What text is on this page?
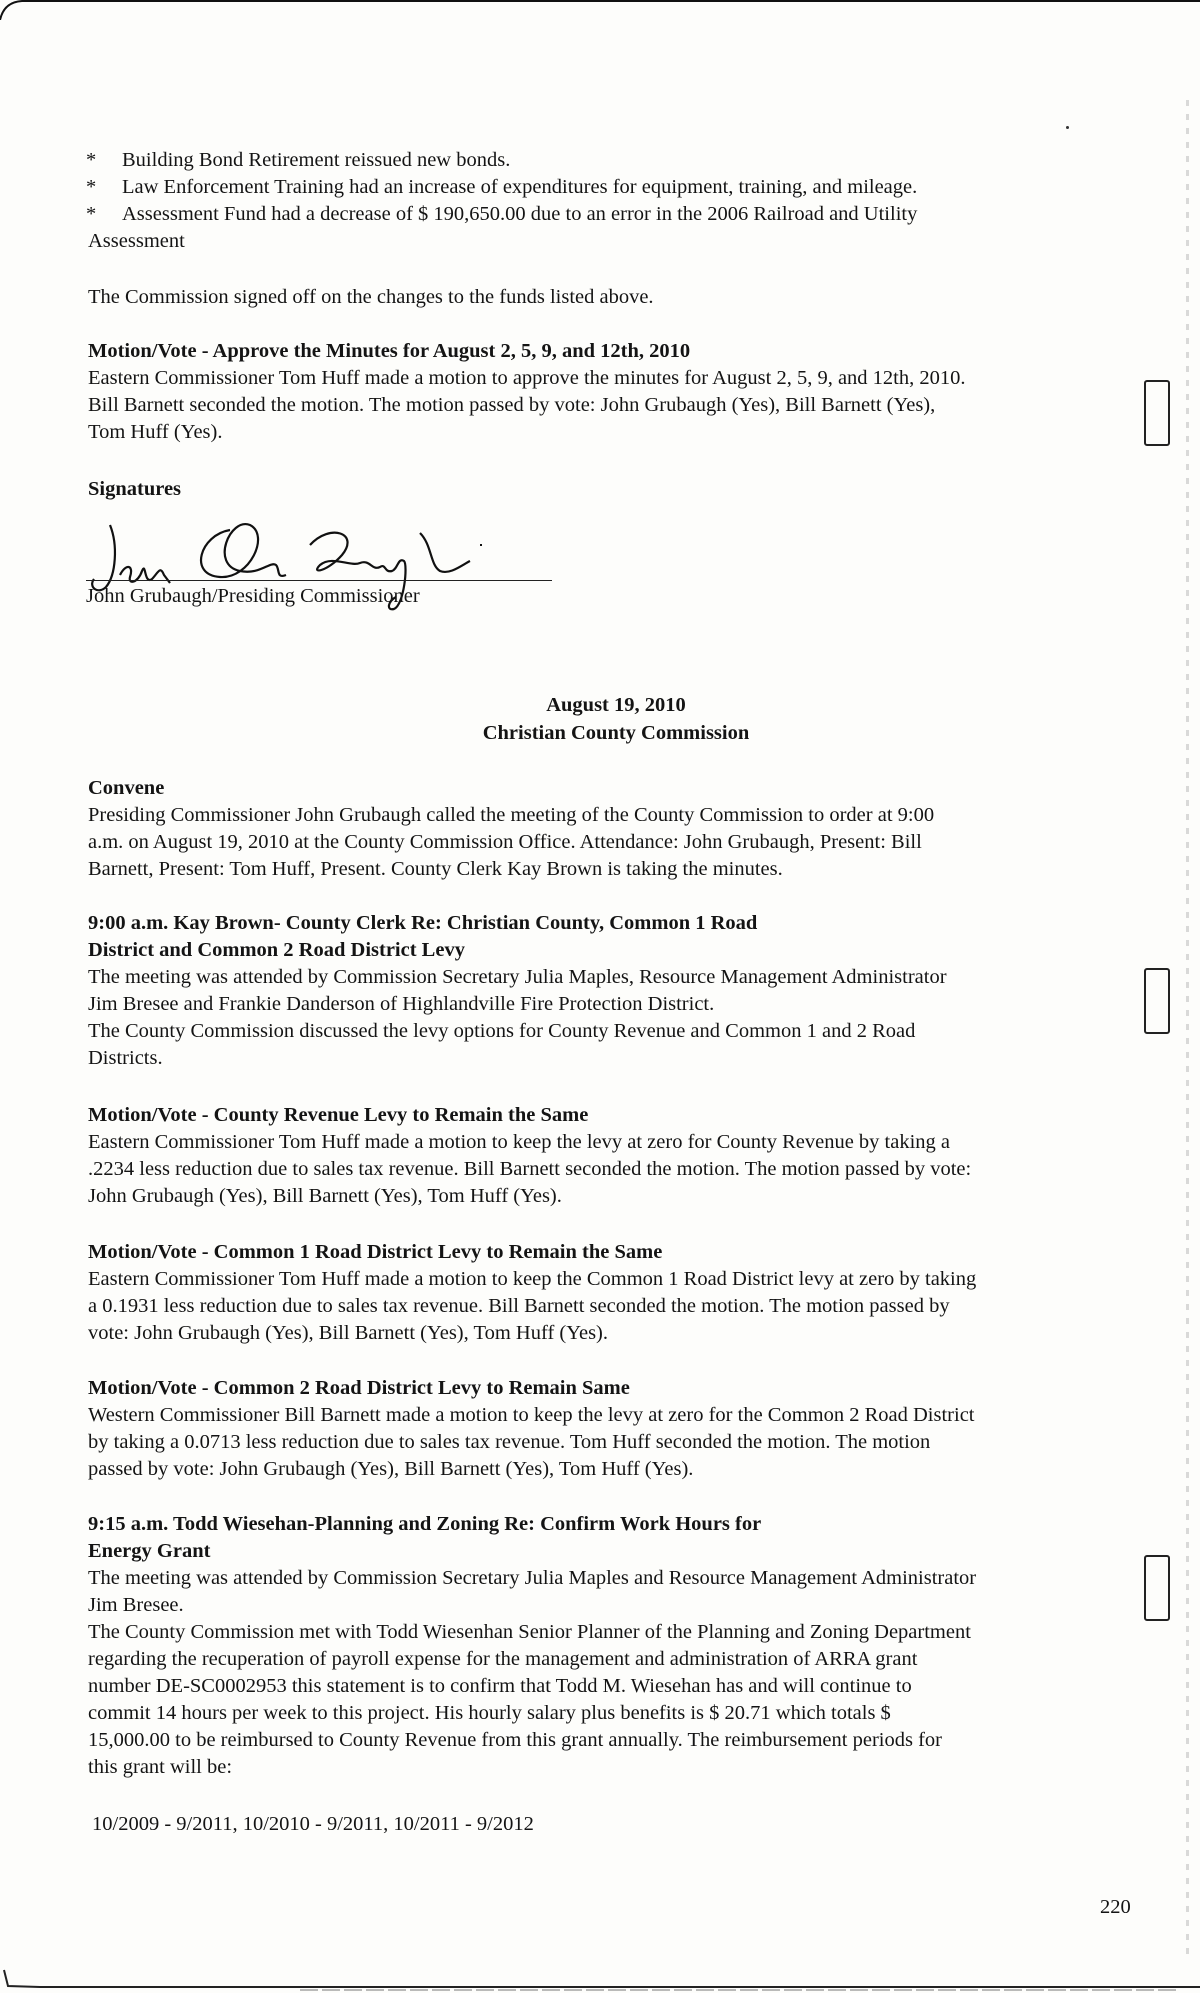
* Building Bond Retirement reissued new bonds.
* Law Enforcement Training had an increase of expenditures for equipment, training, and mileage.
* Assessment Fund had a decrease of $ 190,650.00 due to an error in the 2006 Railroad and Utility
Assessment
The Commission signed off on the changes to the funds listed above.
Motion/Vote - Approve the Minutes for August 2, 5, 9, and 12th, 2010
Eastern Commissioner Tom Huff made a motion to approve the minutes for August 2, 5, 9, and 12th, 2010.
Bill Barnett seconded the motion. The motion passed by vote: John Grubaugh (Yes), Bill Barnett (Yes),
Tom Huff (Yes).
Signatures
John Grubaugh/Presiding Commissioner
August 19, 2010
Christian County Commission
Convene
Presiding Commissioner John Grubaugh called the meeting of the County Commission to order at 9:00
a.m. on August 19, 2010 at the County Commission Office. Attendance: John Grubaugh, Present: Bill
Barnett, Present: Tom Huff, Present. County Clerk Kay Brown is taking the minutes.
9:00 a.m. Kay Brown- County Clerk Re: Christian County, Common 1 Road
District and Common 2 Road District Levy
The meeting was attended by Commission Secretary Julia Maples, Resource Management Administrator
Jim Bresee and Frankie Danderson of Highlandville Fire Protection District.
The County Commission discussed the levy options for County Revenue and Common 1 and 2 Road
Districts.
Motion/Vote - County Revenue Levy to Remain the Same
Eastern Commissioner Tom Huff made a motion to keep the levy at zero for County Revenue by taking a
.2234 less reduction due to sales tax revenue. Bill Barnett seconded the motion. The motion passed by vote:
John Grubaugh (Yes), Bill Barnett (Yes), Tom Huff (Yes).
Motion/Vote - Common 1 Road District Levy to Remain the Same
Eastern Commissioner Tom Huff made a motion to keep the Common 1 Road District levy at zero by taking
a 0.1931 less reduction due to sales tax revenue. Bill Barnett seconded the motion. The motion passed by
vote: John Grubaugh (Yes), Bill Barnett (Yes), Tom Huff (Yes).
Motion/Vote - Common 2 Road District Levy to Remain Same
Western Commissioner Bill Barnett made a motion to keep the levy at zero for the Common 2 Road District
by taking a 0.0713 less reduction due to sales tax revenue. Tom Huff seconded the motion. The motion
passed by vote: John Grubaugh (Yes), Bill Barnett (Yes), Tom Huff (Yes).
9:15 a.m. Todd Wiesehan-Planning and Zoning Re: Confirm Work Hours for
Energy Grant
The meeting was attended by Commission Secretary Julia Maples and Resource Management Administrator
Jim Bresee.
The County Commission met with Todd Wiesenhan Senior Planner of the Planning and Zoning Department
regarding the recuperation of payroll expense for the management and administration of ARRA grant
number DE-SC0002953 this statement is to confirm that Todd M. Wiesehan has and will continue to
commit 14 hours per week to this project. His hourly salary plus benefits is $ 20.71 which totals $
15,000.00 to be reimbursed to County Revenue from this grant annually. The reimbursement periods for
this grant will be:
10/2009 - 9/2011, 10/2010 - 9/2011, 10/2011 - 9/2012
220
